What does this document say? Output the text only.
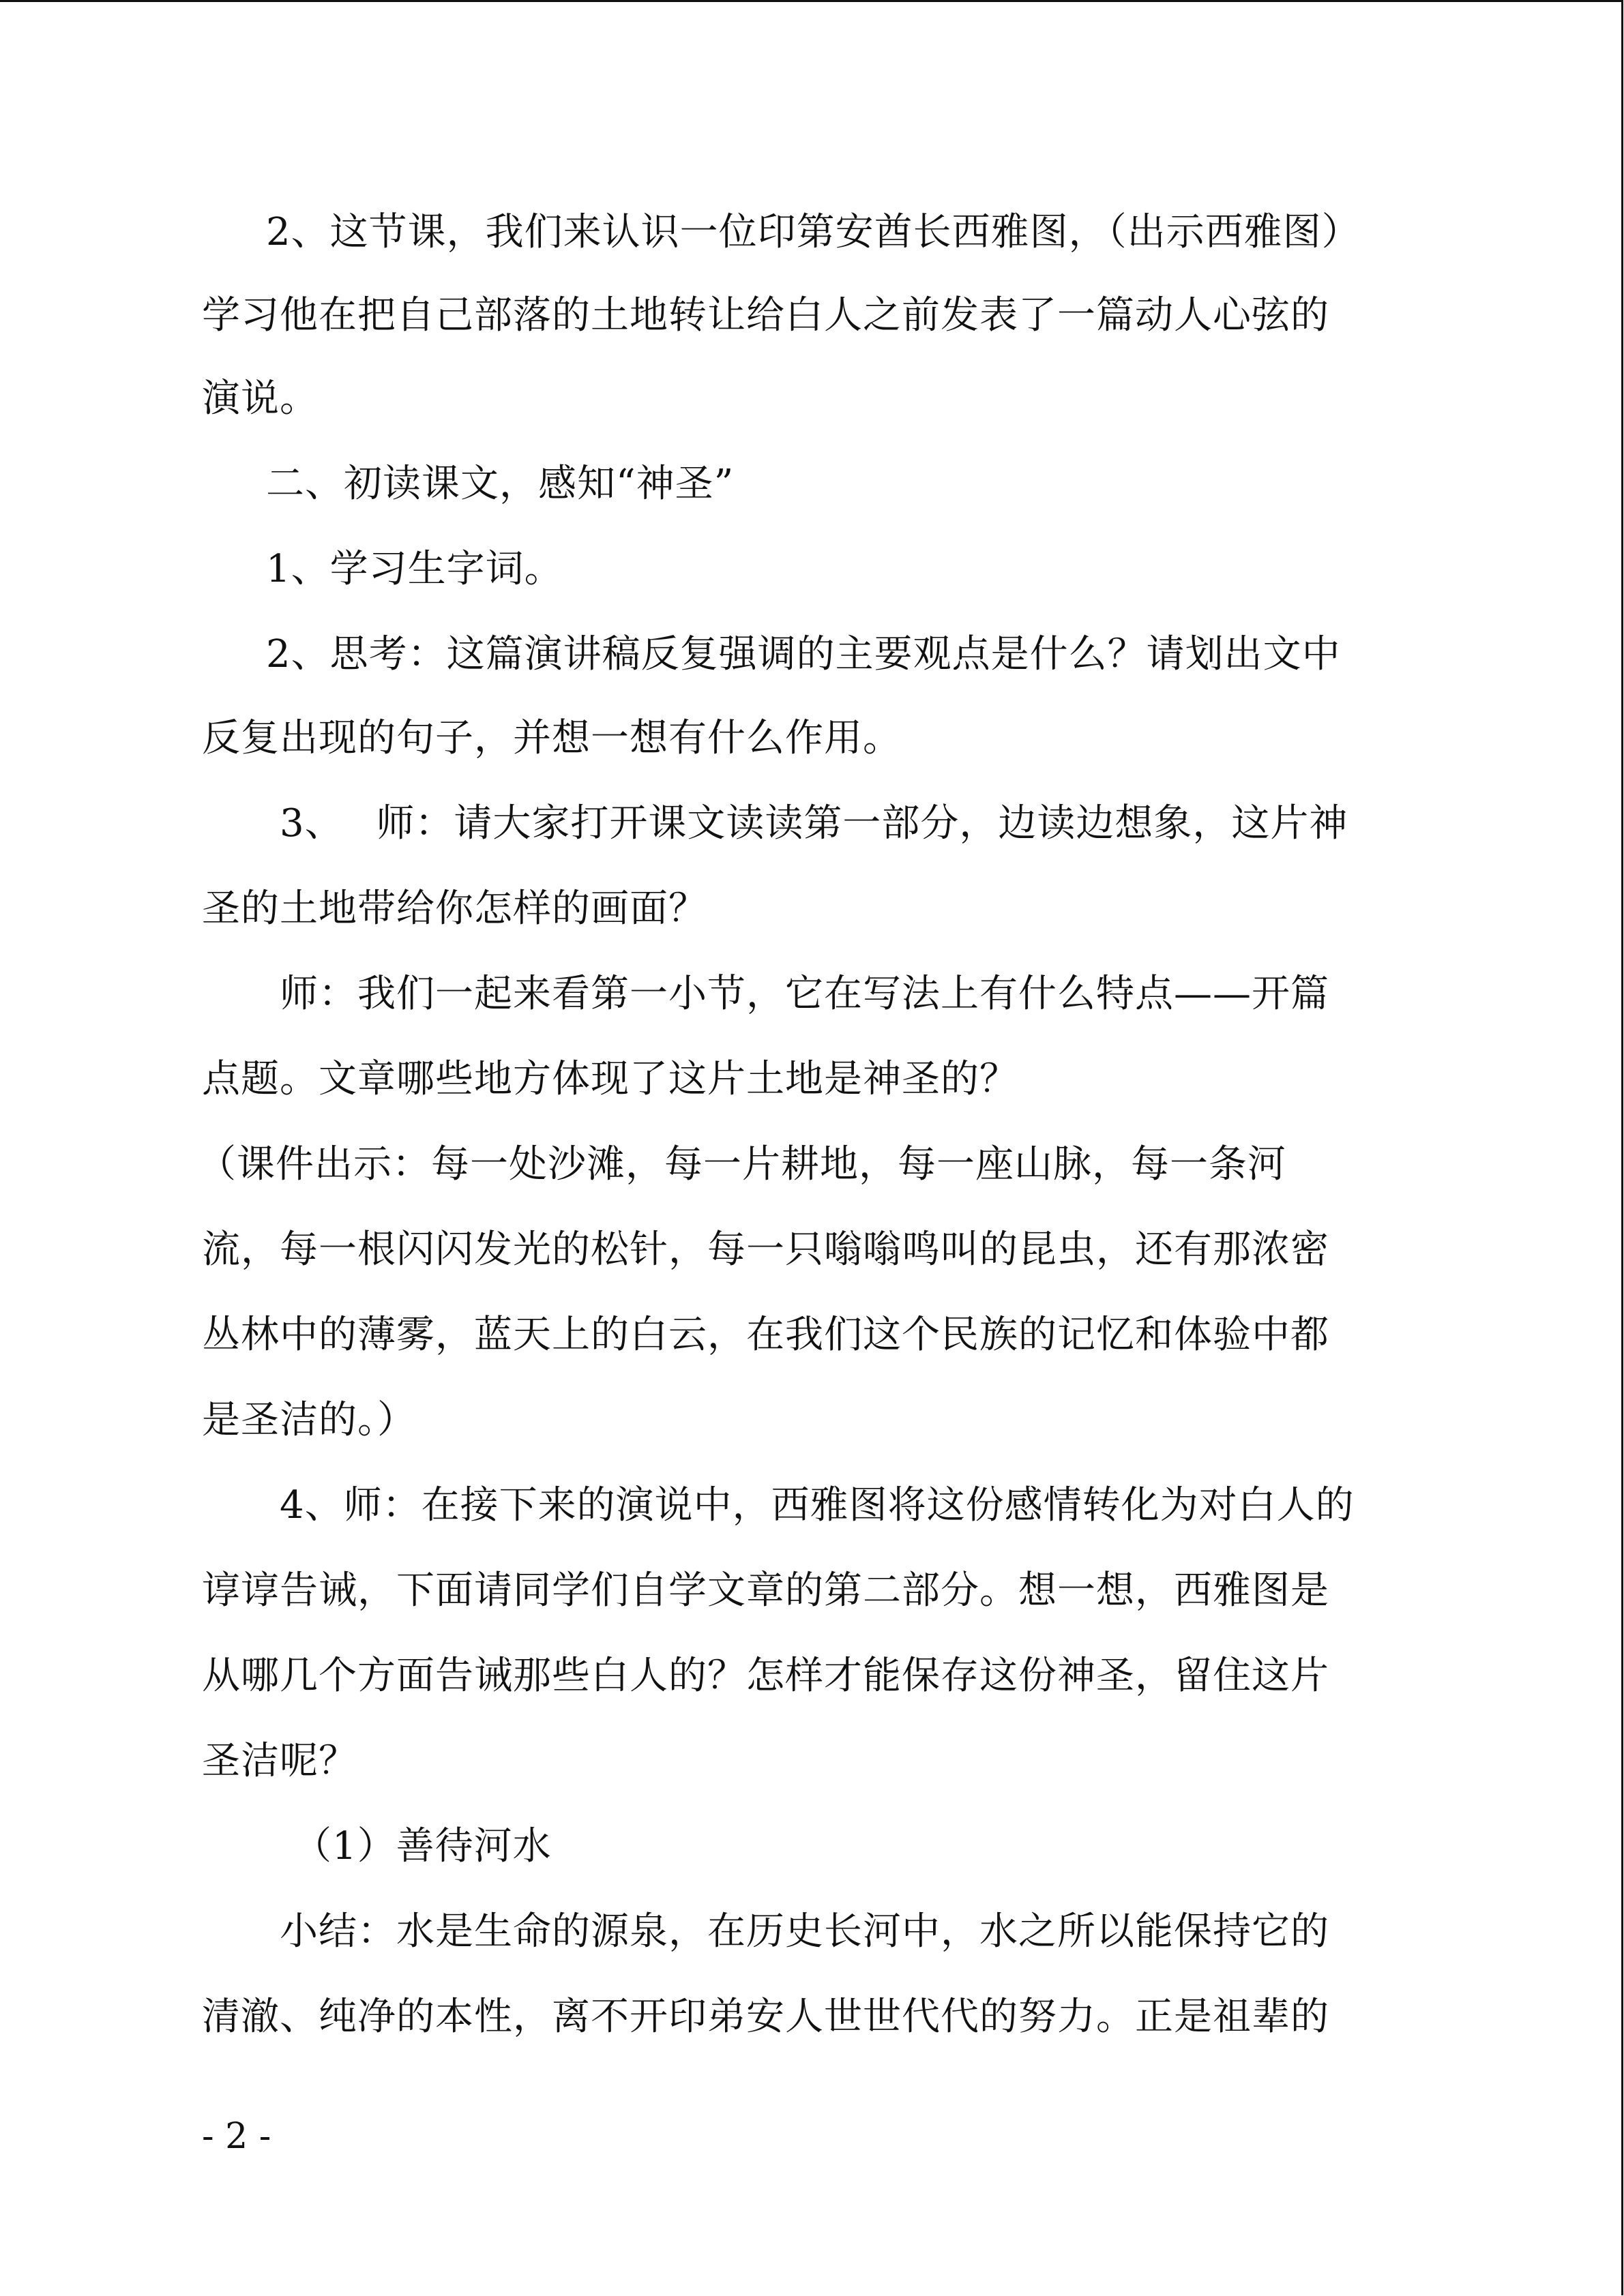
2、这节课，我们来认识一位印第安酋长西雅图，（出示西雅图）
学习他在把自己部落的土地转让给白人之前发表了一篇动人心弦的
演说。
二、初读课文，感知“神圣”
1、学习生字词。
2、思考：这篇演讲稿反复强调的主要观点是什么？请划出文中
反复出现的句子，并想一想有什么作用。
3、　 师：请大家打开课文读读第一部分，边读边想象，这片神
圣的土地带给你怎样的画面？
师：我们一起来看第一小节，它在写法上有什么特点——开篇
点题。文章哪些地方体现了这片土地是神圣的？
（课件出示：每一处沙滩，每一片耕地，每一座山脉，每一条河
流，每一根闪闪发光的松针，每一只嗡嗡鸣叫的昆虫，还有那浓密
丛林中的薄雾，蓝天上的白云，在我们这个民族的记忆和体验中都
是圣洁的。）
4、师：在接下来的演说中，西雅图将这份感情转化为对白人的
谆谆告诫，下面请同学们自学文章的第二部分。想一想，西雅图是
从哪几个方面告诫那些白人的？怎样才能保存这份神圣，留住这片
圣洁呢？
（1）善待河水
小结：水是生命的源泉，在历史长河中，水之所以能保持它的
清澈、纯净的本性，离不开印弟安人世世代代的努力。正是祖辈的
- 2 -
